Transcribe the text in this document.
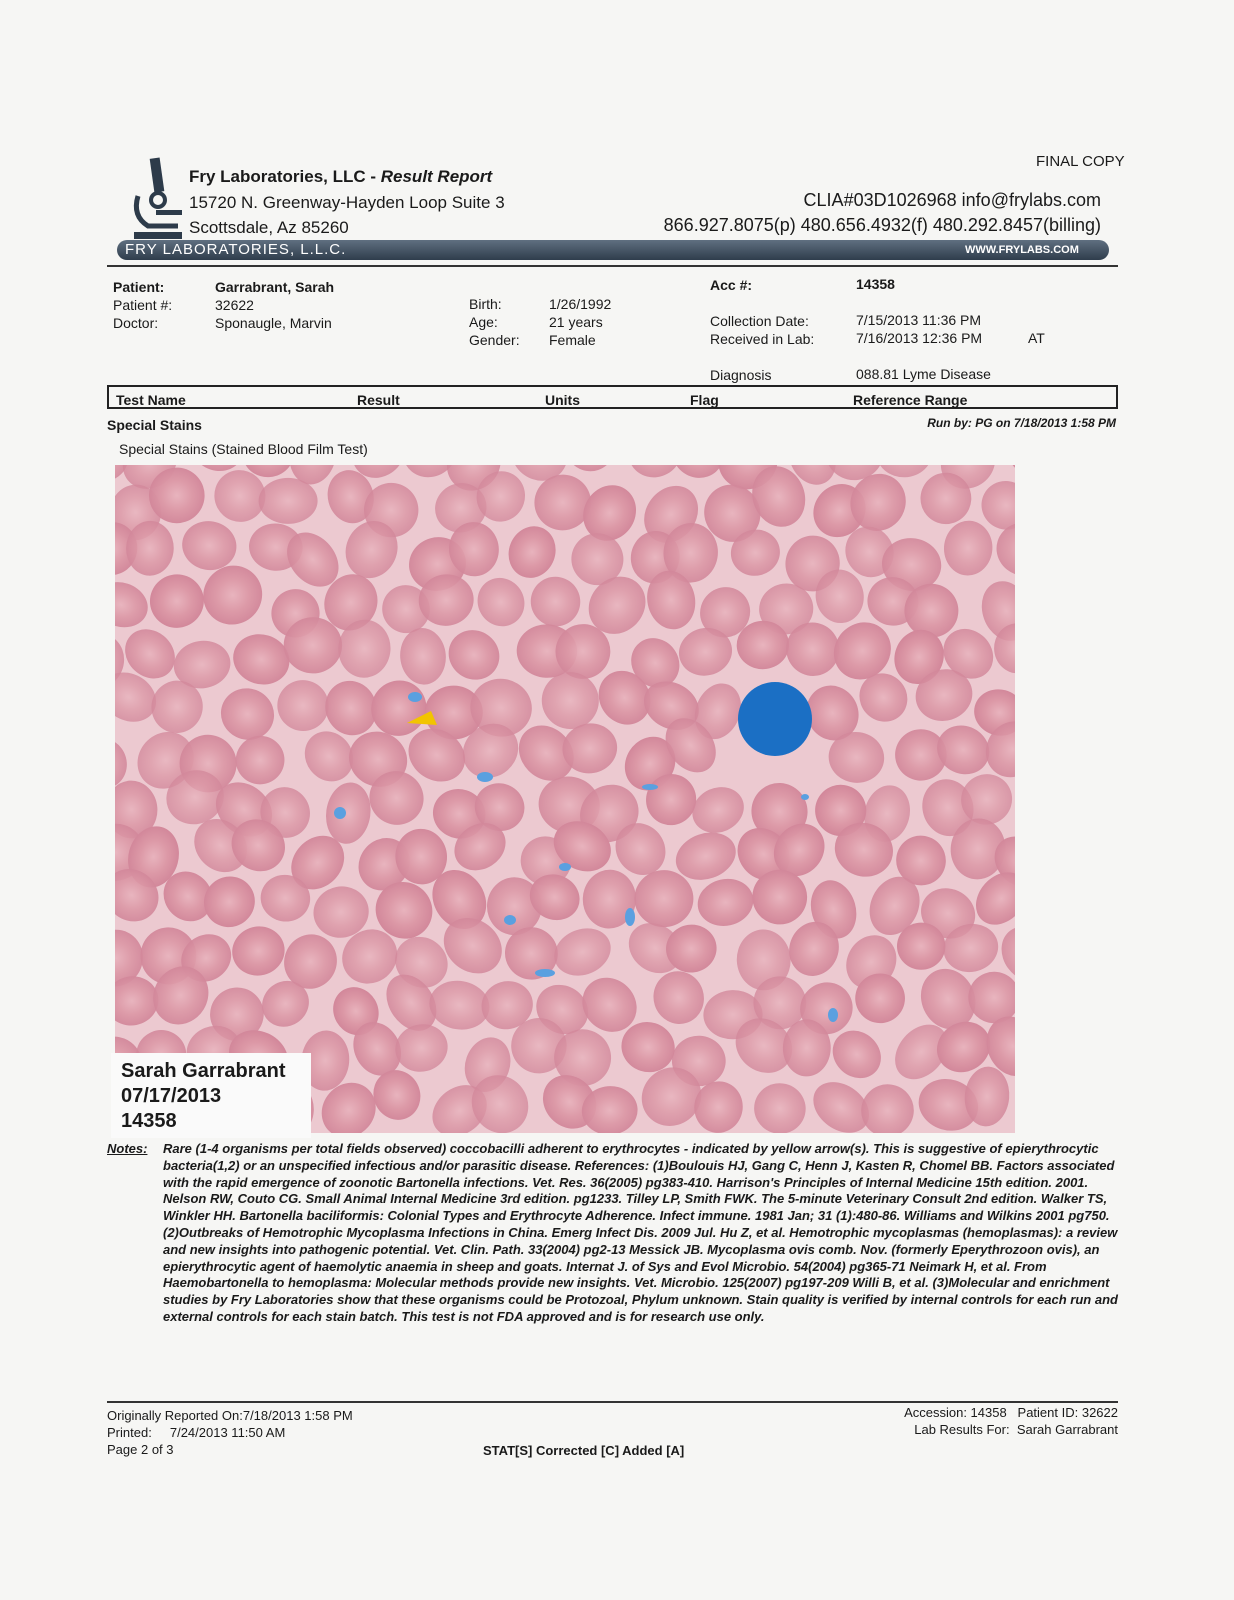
FINAL COPY
Fry Laboratories, LLC - Result Report
15720 N. Greenway-Hayden Loop Suite 3
Scottsdale, Az 85260
CLIA#03D1026968 info@frylabs.com
866.927.8075(p) 480.656.4932(f) 480.292.8457(billing)
FRY LABORATORIES, L.L.C.	WWW.FRYLABS.COM
Patient:	Garrabrant, Sarah
Patient #:	32622
Doctor:	Sponaugle, Marvin
Birth:	1/26/1992
Age:	21 years
Gender: Female
Acc #:	14358
Collection Date:	7/15/2013 11:36 PM
Received in Lab:	7/16/2013 12:36 PM	AT
Diagnosis	088.81 Lyme Disease
Test Name	Result	Units	Flag	Reference Range
Special Stains	Run by: PG on 7/18/2013 1:58 PM
Special Stains (Stained Blood Film Test)
Sarah Garrabrant
07/17/2013
14358
Notes: Rare (1-4 organisms per total fields observed) coccobacilli adherent to erythrocytes - indicated by yellow arrow(s). This is suggestive of epierythrocytic bacteria(1,2) or an unspecified infectious and/or parasitic disease. References: (1)Boulouis HJ, Gang C, Henn J, Kasten R, Chomel BB. Factors associated with the rapid emergence of zoonotic Bartonella infections. Vet. Res. 36(2005) pg383-410. Harrison's Principles of Internal Medicine 15th edition. 2001. Nelson RW, Couto CG. Small Animal Internal Medicine 3rd edition. pg1233. Tilley LP, Smith FWK. The 5-minute Veterinary Consult 2nd edition. Walker TS, Winkler HH. Bartonella baciliformis: Colonial Types and Erythrocyte Adherence. Infect immune. 1981 Jan; 31 (1):480-86. Williams and Wilkins 2001 pg750. (2)Outbreaks of Hemotrophic Mycoplasma Infections in China. Emerg Infect Dis. 2009 Jul. Hu Z, et al. Hemotrophic mycoplasmas (hemoplasmas): a review and new insights into pathogenic potential. Vet. Clin. Path. 33(2004) pg2-13 Messick JB. Mycoplasma ovis comb. Nov. (formerly Eperythrozoon ovis), an epierythrocytic agent of haemolytic anaemia in sheep and goats. Internat J. of Sys and Evol Microbio. 54(2004) pg365-71 Neimark H, et al. From Haemobartonella to hemoplasma: Molecular methods provide new insights. Vet. Microbio. 125(2007) pg197-209 Willi B, et al. (3)Molecular and enrichment studies by Fry Laboratories show that these organisms could be Protozoal, Phylum unknown. Stain quality is verified by internal controls for each run and external controls for each stain batch. This test is not FDA approved and is for research use only.
Originally Reported On:7/18/2013 1:58 PM
Printed:     7/24/2013 11:50 AM
Page 2 of 3	STAT[S] Corrected [C] Added [A]
Accession: 14358   Patient ID: 32622
Lab Results For:  Sarah Garrabrant
